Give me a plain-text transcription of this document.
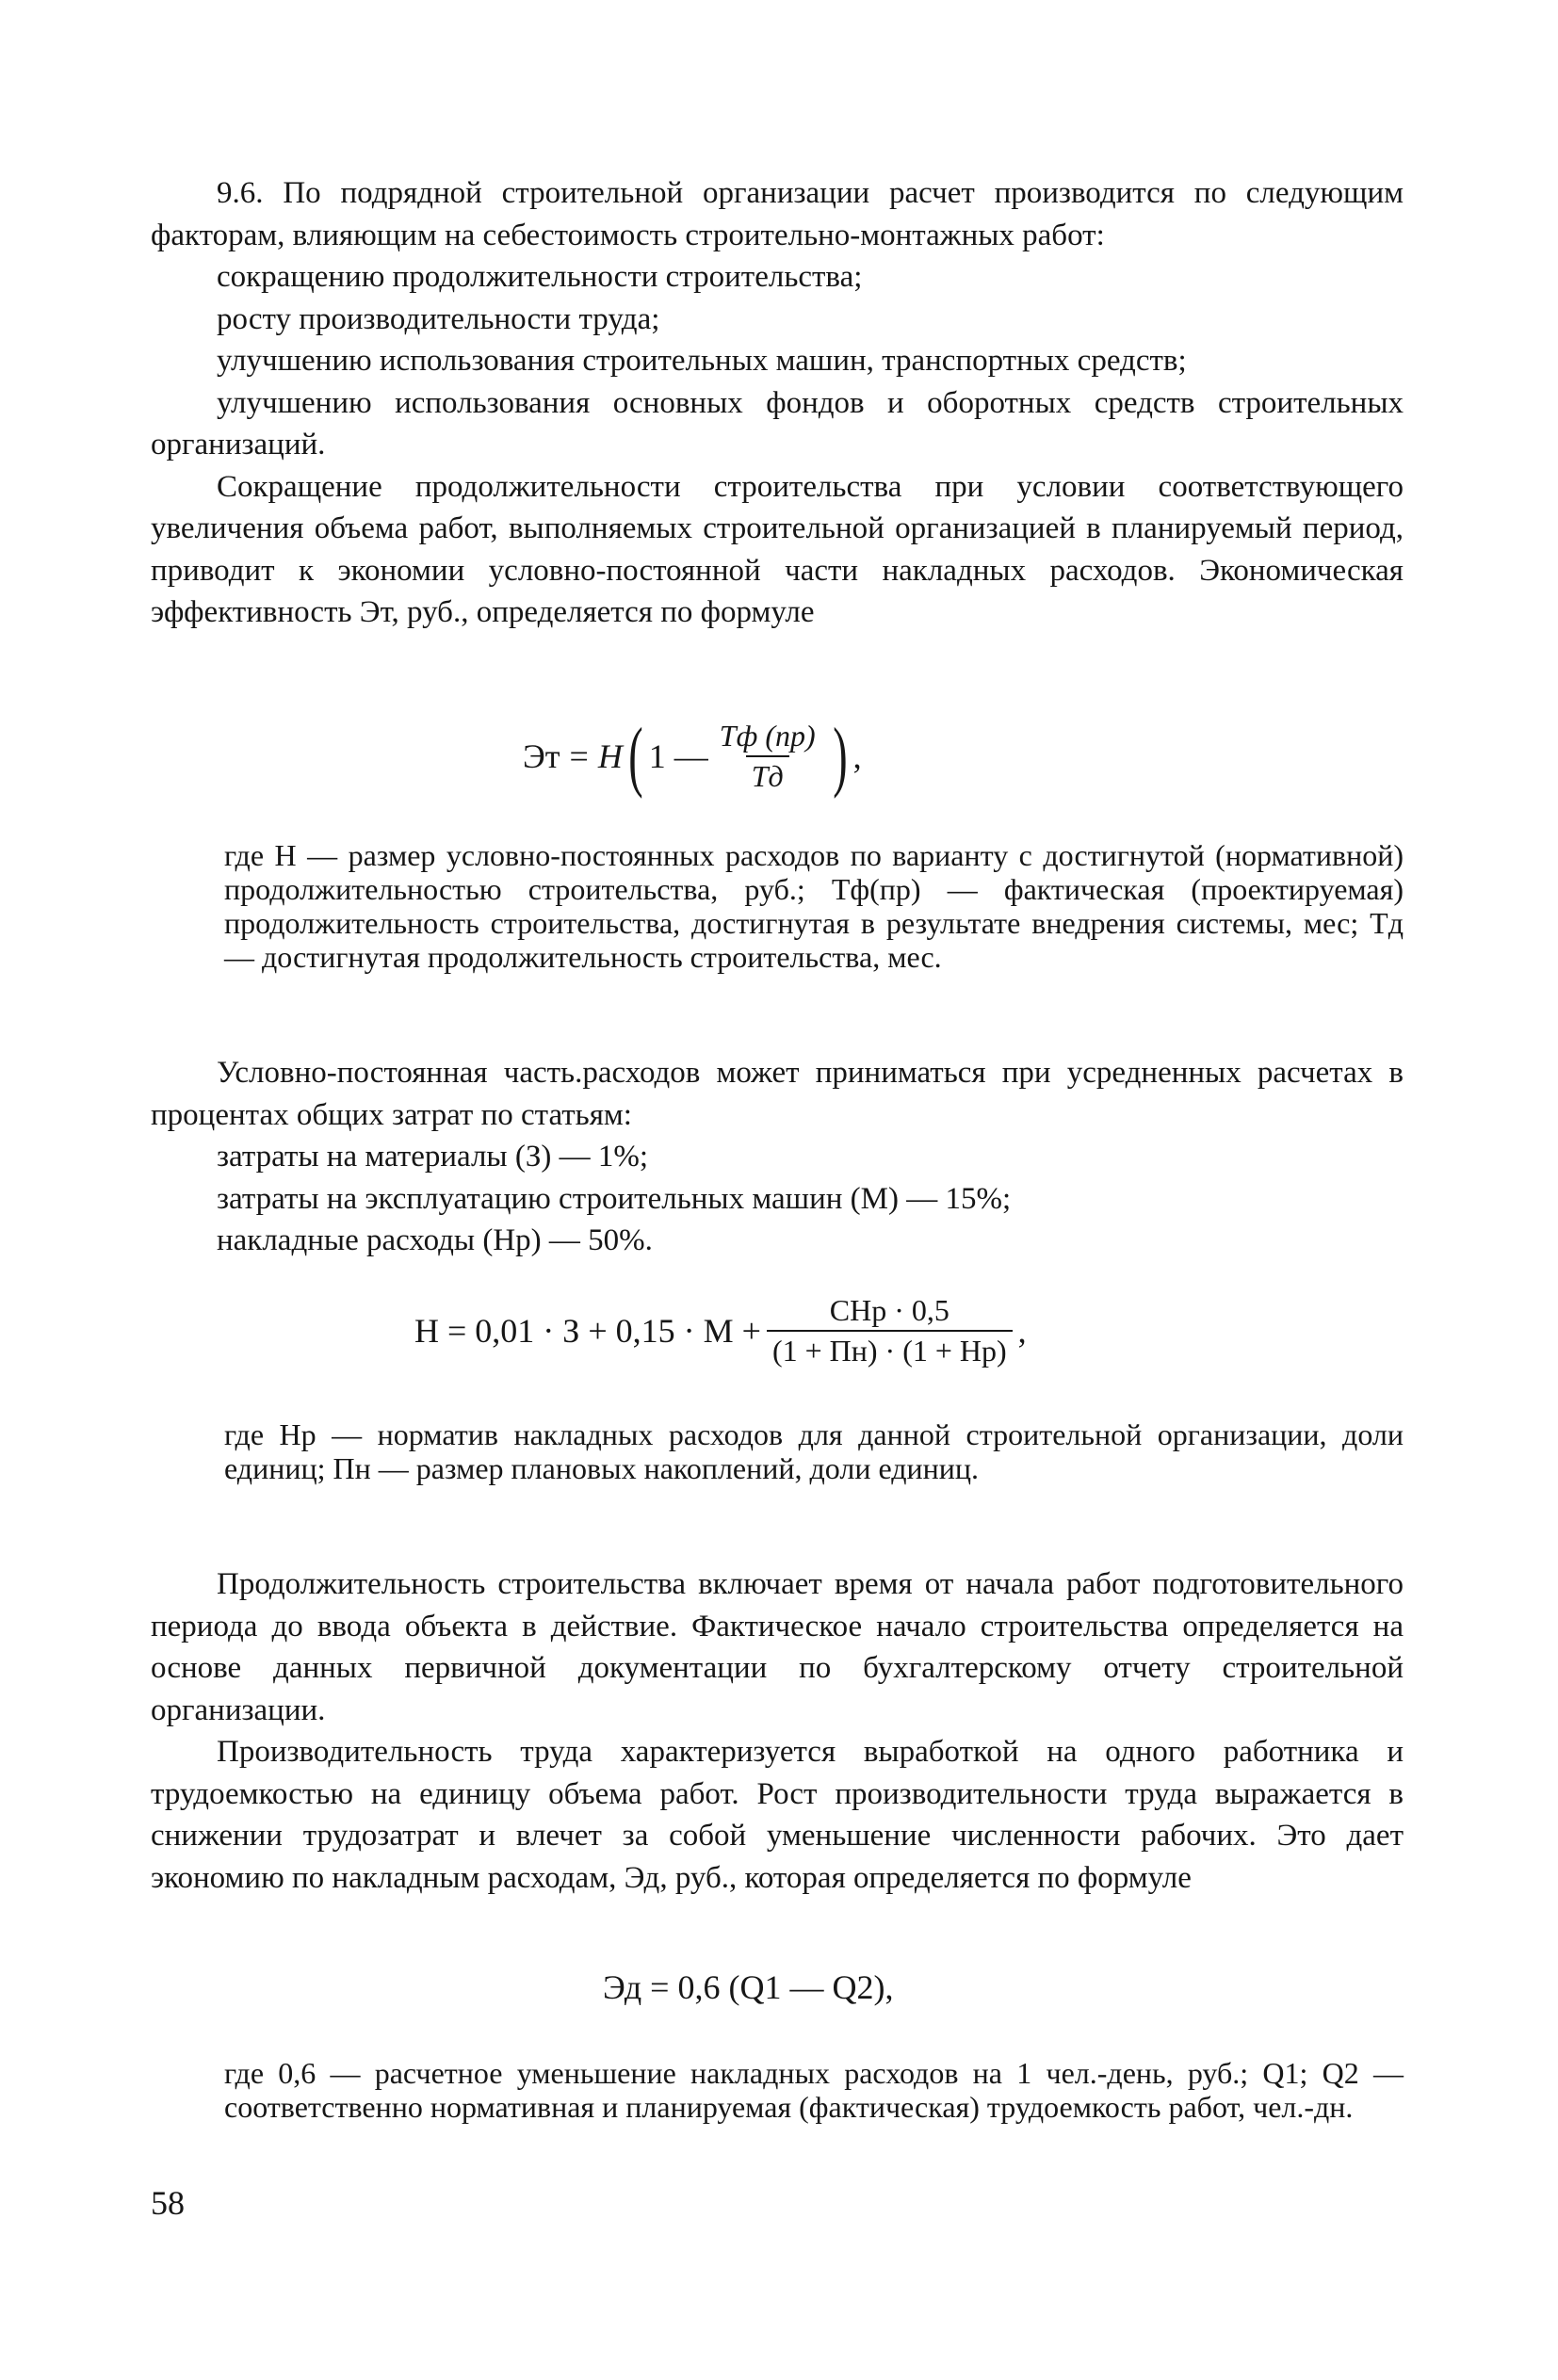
9.6. По подрядной строительной организации расчет производится по следующим факторам, влияющим на себестоимость строительно-монтажных работ:

сокращению продолжительности строительства;

росту производительности труда;

улучшению использования строительных машин, транспортных средств;

улучшению использования основных фондов и оборотных средств строительных организаций.

Сокращение продолжительности строительства при условии соответствующего увеличения объема работ, выполняемых строительной организацией в планируемый период, приводит к экономии условно-постоянной части накладных расходов. Экономическая эффективность Эт, руб., определяется по формуле

Эт = H ( 1 — $\frac{Tф (пр)}{Tд}$ ) ,

где H — размер условно-постоянных расходов по варианту с достигнутой (нормативной) продолжительностью строительства, руб.; Tф(пр) — фактическая (проектируемая) продолжительность строительства, достигнутая в результате внедрения системы, мес; Tд — достигнутая продолжительность строительства, мес.

Условно-постоянная часть.расходов может приниматься при усредненных расчетах в процентах общих затрат по статьям:

затраты на материалы (З) — 1%;

затраты на эксплуатацию строительных машин (М) — 15%;

накладные расходы (Нр) — 50%.

$Н = 0,01 \cdot З + 0,15 \cdot М + \frac{\text{СНр · 0,5}}{(1 + Пн) \cdot (1 + Нр)}$ ,

где Нр — норматив накладных расходов для данной строительной организации, доли единиц; Пн — размер плановых накоплений, доли единиц.

Продолжительность строительства включает время от начала работ подготовительного периода до ввода объекта в действие. Фактическое начало строительства определяется на основе данных первичной документации по бухгалтерскому отчету строительной организации.

Производительность труда характеризуется выработкой на одного работника и трудоемкостью на единицу объема работ. Рост производительности труда выражается в снижении трудозатрат и влечет за собой уменьшение численности рабочих. Это дает экономию по накладным расходам, Эд, руб., которая определяется по формуле

Эд = 0,6 (Q1 — Q2),

где 0,6 — расчетное уменьшение накладных расходов на 1 чел.-день, руб.; Q1; Q2 — соответственно нормативная и планируемая (фактическая) трудоемкость работ, чел.-дн.

58
